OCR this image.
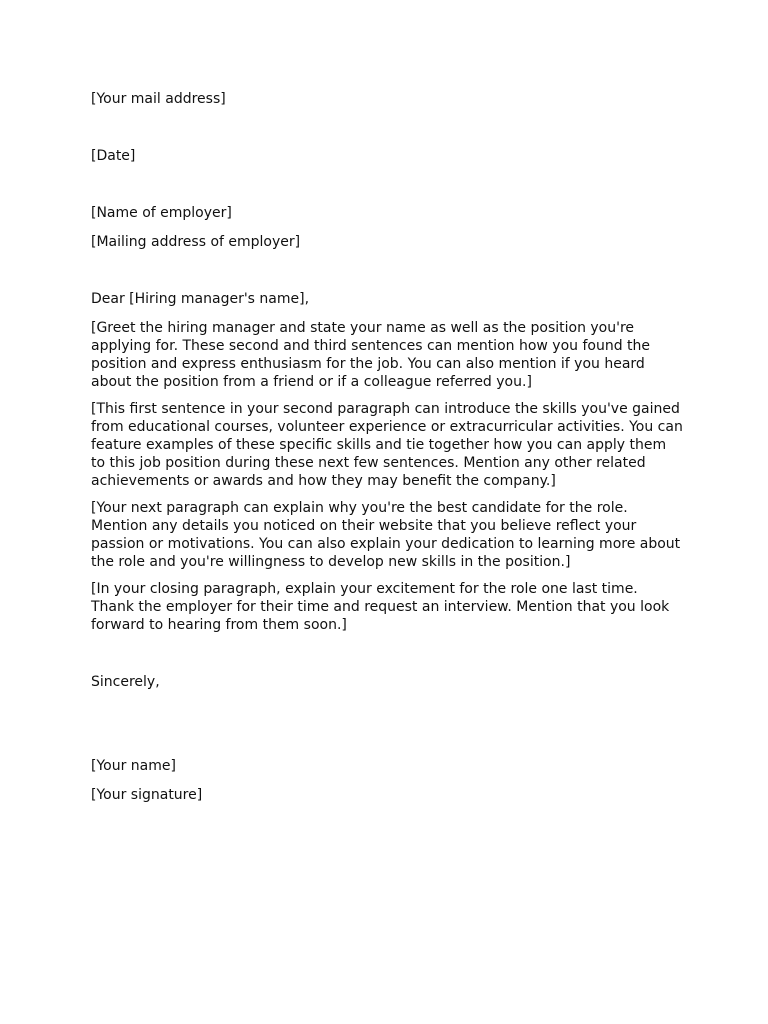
[Your mail address]

[Date]

[Name of employer]

[Mailing address of employer]

Dear [Hiring manager's name],

[Greet the hiring manager and state your name as well as the position you're applying for. These second and third sentences can mention how you found the position and express enthusiasm for the job. You can also mention if you heard about the position from a friend or if a colleague referred you.]

[This first sentence in your second paragraph can introduce the skills you've gained from educational courses, volunteer experience or extracurricular activities. You can feature examples of these specific skills and tie together how you can apply them to this job position during these next few sentences. Mention any other related achievements or awards and how they may benefit the company.]

[Your next paragraph can explain why you're the best candidate for the role. Mention any details you noticed on their website that you believe reflect your passion or motivations. You can also explain your dedication to learning more about the role and you're willingness to develop new skills in the position.]

[In your closing paragraph, explain your excitement for the role one last time. Thank the employer for their time and request an interview. Mention that you look forward to hearing from them soon.]

Sincerely,

[Your name]

[Your signature]
